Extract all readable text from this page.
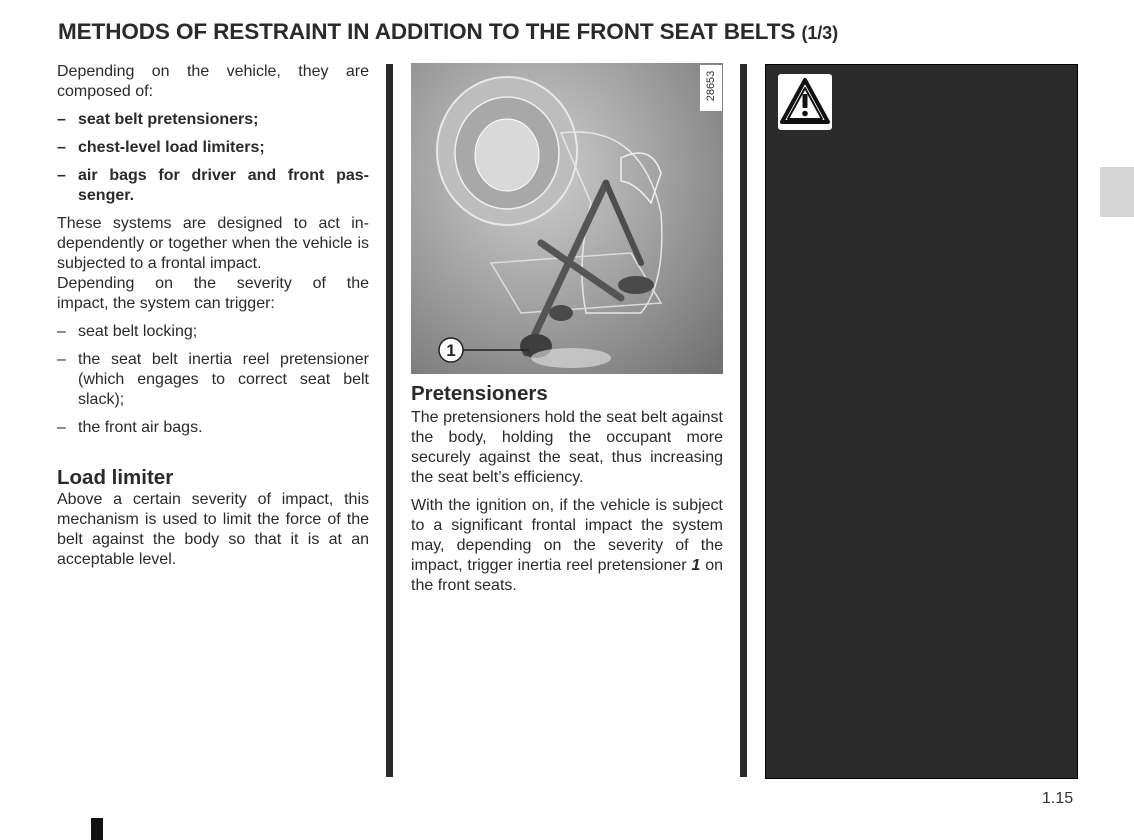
METHODS OF RESTRAINT IN ADDITION TO THE FRONT SEAT BELTS (1/3)

Depending on the vehicle, they are composed of:

– seat belt pretensioners;
– chest-level load limiters;
– air bags for driver and front passenger.

These systems are designed to act independently or together when the vehicle is subjected to a frontal impact.

Depending on the severity of the

impact, the system can trigger:

– seat belt locking;
– the seat belt inertia reel pretensioner (which engages to correct seat belt slack);
– the front air bags.
Load limiter

Above a certain severity of impact, this mechanism is used to limit the force of the belt against the body so that it is at an acceptable level.

1
28653
Pretensioners

The pretensioners hold the seat belt against the body, holding the occupant more securely against the seat, thus increasing the seat belt’s efficiency.

With the ignition on, if the vehicle is subject to a significant frontal impact the system may, depending on the severity of the impact, trigger inertia reel pretensioner 1 on the front seats.

1.15
